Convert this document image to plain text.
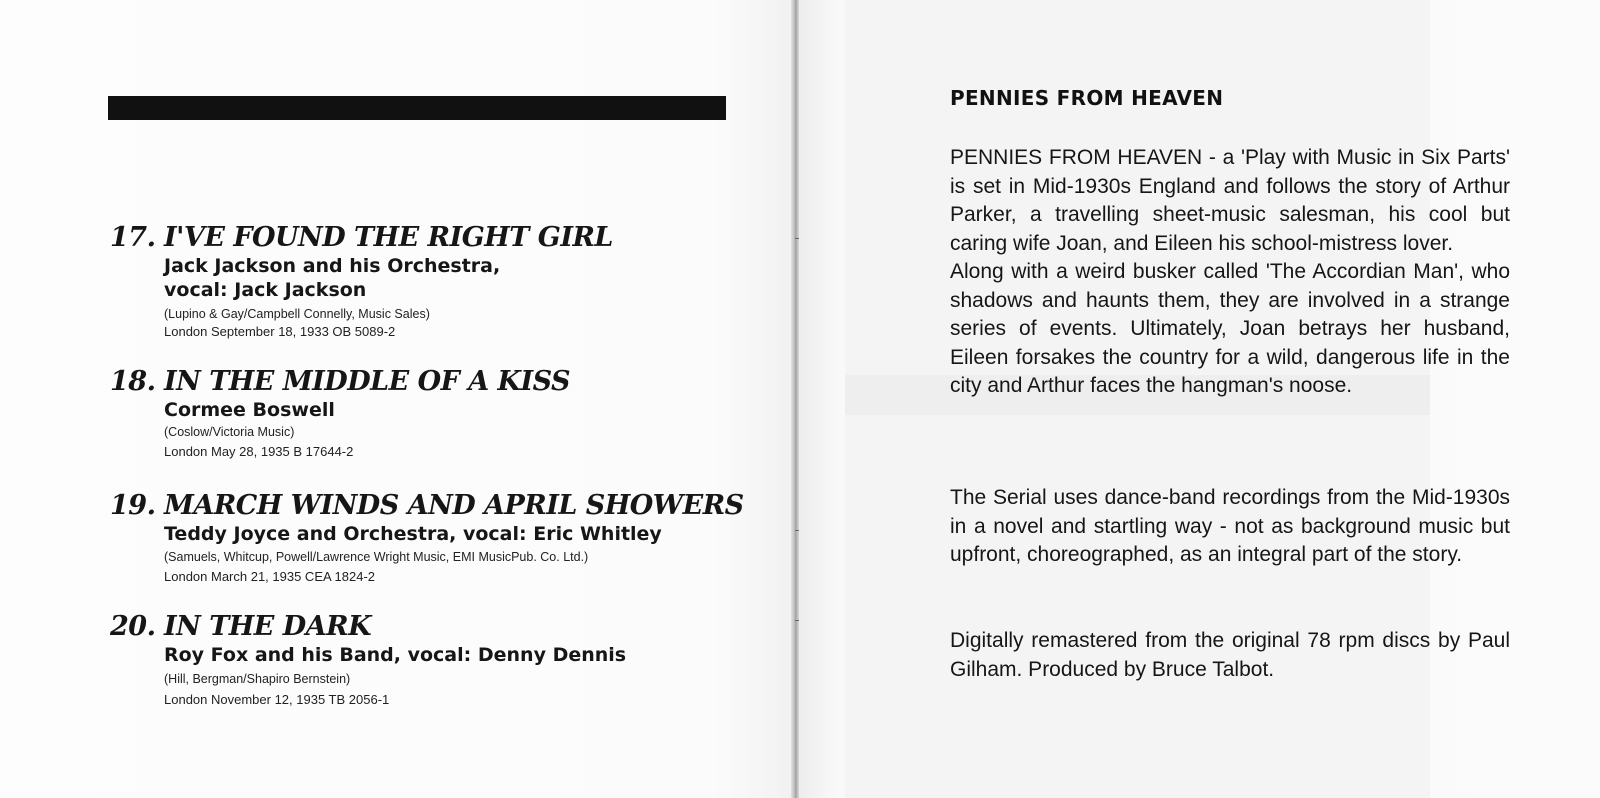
17. I'VE FOUND THE RIGHT GIRL
Jack Jackson and his Orchestra,
vocal: Jack Jackson
(Lupino & Gay/Campbell Connelly, Music Sales)
London September 18, 1933 OB 5089-2
18. IN THE MIDDLE OF A KISS
Cormee Boswell
(Coslow/Victoria Music)
London May 28, 1935 B 17644-2
19. MARCH WINDS AND APRIL SHOWERS
Teddy Joyce and Orchestra, vocal: Eric Whitley
(Samuels, Whitcup, Powell/Lawrence Wright Music, EMI MusicPub. Co. Ltd.)
London March 21, 1935 CEA 1824-2
20. IN THE DARK
Roy Fox and his Band, vocal: Denny Dennis
(Hill, Bergman/Shapiro Bernstein)
London November 12, 1935 TB 2056-1
PENNIES FROM HEAVEN

PENNIES FROM HEAVEN - a 'Play with Music in Six Parts' is set in Mid-1930s England and follows the story of Arthur Parker, a travelling sheet-music salesman, his cool but caring wife Joan, and Eileen his school-mistress lover.

Along with a weird busker called 'The Accordian Man', who shadows and haunts them, they are involved in a strange series of events. Ultimately, Joan betrays her husband, Eileen forsakes the country for a wild, dangerous life in the city and Arthur faces the hangman's noose.

The Serial uses dance-band recordings from the Mid-1930s in a novel and startling way - not as background music but upfront, choreographed, as an integral part of the story.

Digitally remastered from the original 78 rpm discs by Paul Gilham. Produced by Bruce Talbot.
